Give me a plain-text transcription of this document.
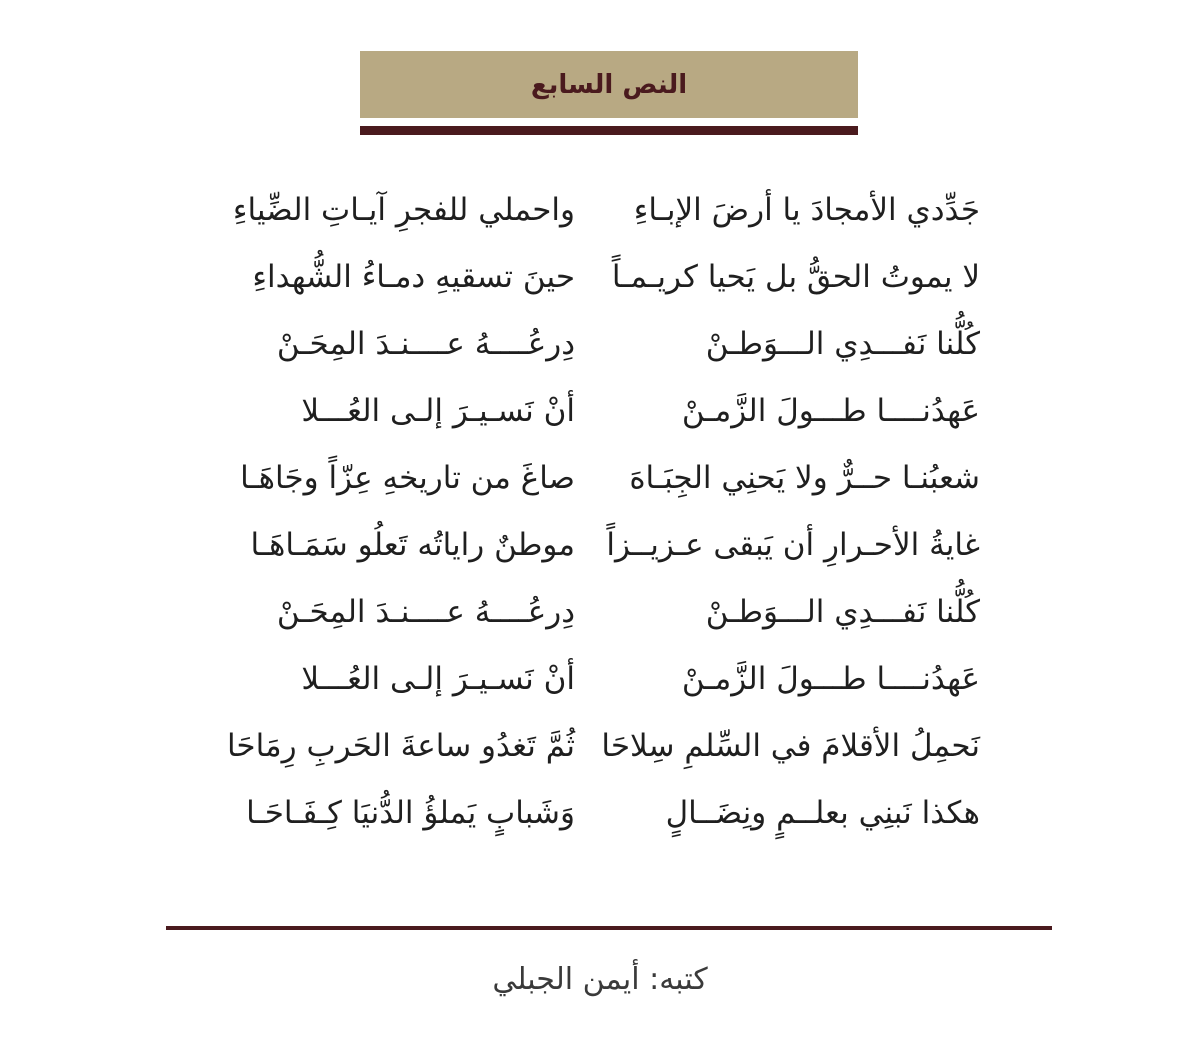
النص السابع
جَدِّدي الأمجادَ يا أرضَ الإبـاءِ
واحملي للفجرِ آيـاتِ الضِّياءِ
لا يموتُ الحقُّ بل يَحيا كريـمـاً
حينَ تسقيهِ دمـاءُ الشُّهداءِ
كُلُّنا نَفـــدِي الـــوَطـنْ
دِرعُــــهُ عــــنـدَ المِحَـنْ
عَهدُنــــا طـــولَ الزَّمـنْ
أنْ نَسـيـرَ إلـى العُـــلا
شعبُنـا حــرٌّ ولا يَحنِي الجِبَـاهَ
صاغَ من تاريخهِ عِزّاً وجَاهَـا
غايةُ الأحـرارِ أن يَبقى عـزيــزاً
موطنٌ راياتُه تَعلُو سَمَـاهَـا
كُلُّنا نَفـــدِي الـــوَطـنْ
دِرعُــــهُ عــــنـدَ المِحَـنْ
عَهدُنــــا طـــولَ الزَّمـنْ
أنْ نَسـيـرَ إلـى العُـــلا
نَحمِلُ الأقلامَ في السِّلمِ سِلاحَا
ثُمَّ تَغدُو ساعةَ الحَربِ رِمَاحَا
هكذا نَبنِي بعلــمٍ ونِضَــالٍ
وَشَبابٍ يَملؤُ الدُّنيَا كِـفَـاحَـا
كتبه: أيمن الجبلي
